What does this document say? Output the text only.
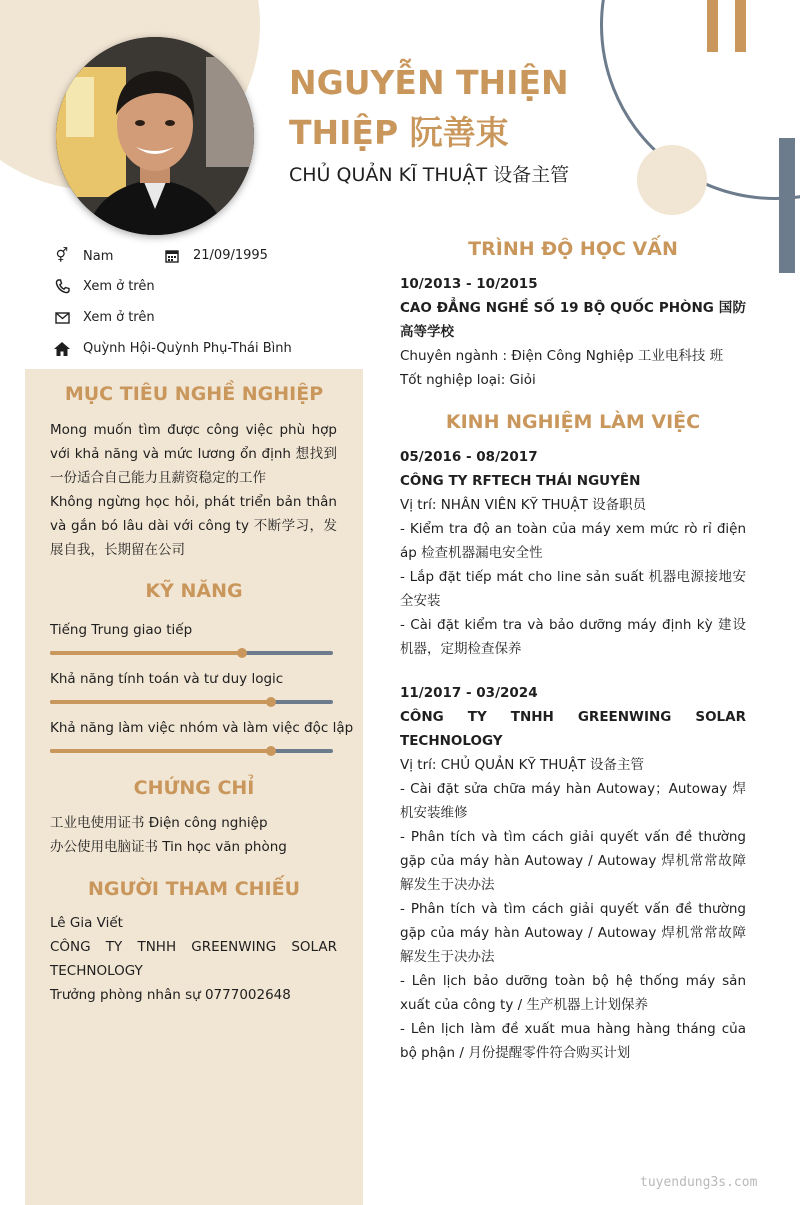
NGUYỄN THIỆN
THIỆP 阮善束
CHỦ QUẢN KĨ THUẬT 设备主管
⚥ Nam	21/09/1995
Xem ở trên
Xem ở trên
Quỳnh Hội-Quỳnh Phụ-Thái Bình
MỤC TIÊU NGHỀ NGHIỆP

Mong muốn tìm được công việc phù hợp với khả năng và mức lương ổn định 想找到一份适合自己能力且薪资稳定的工作

Không ngừng học hỏi, phát triển bản thân và gắn bó lâu dài với công ty 不断学习，发展自我，长期留在公司

KỸ NĂNG
Tiếng Trung giao tiếp
Khả năng tính toán và tư duy logic
Khả năng làm việc nhóm và làm việc độc lập
CHỨNG CHỈ

工业电使用证书 Điện công nghiệp

办公使用电脑证书 Tin học văn phòng

NGƯỜI THAM CHIẾU

Lê Gia Viết

CÔNG TY TNHH GREENWING SOLAR TECHNOLOGY

Trưởng phòng nhân sự 0777002648

TRÌNH ĐỘ HỌC VẤN

10/2013 - 10/2015

CAO ĐẲNG NGHỀ SỐ 19 BỘ QUỐC PHÒNG 国防高等学校

Chuyên ngành : Điện Công Nghiệp 工业电科技 班

Tốt nghiệp loại: Giỏi

KINH NGHIỆM LÀM VIỆC

05/2016 - 08/2017

CÔNG TY RFTECH THÁI NGUYÊN

Vị trí: NHÂN VIÊN KỸ THUẬT 设备职员

- Kiểm tra độ an toàn của máy xem mức rò rỉ điện áp 检查机器漏电安全性

- Lắp đặt tiếp mát cho line sản suất 机器电源接地安全安装

- Cài đặt kiểm tra và bảo dưỡng máy định kỳ 建设机器，定期检查保养

11/2017 - 03/2024

CÔNG TY TNHH GREENWING SOLAR TECHNOLOGY

Vị trí: CHỦ QUẢN KỸ THUẬT 设备主管

- Cài đặt sửa chữa máy hàn Autoway；Autoway 焊机安装维修

- Phân tích và tìm cách giải quyết vấn đề thường gặp của máy hàn Autoway / Autoway 焊机常常故障解发生于决办法

- Phân tích và tìm cách giải quyết vấn đề thường gặp của máy hàn Autoway / Autoway 焊机常常故障解发生于决办法

- Lên lịch bảo dưỡng toàn bộ hệ thống máy sản xuất của công ty / 生产机器上计划保养

- Lên lịch làm đề xuất mua hàng hàng tháng của bộ phận / 月份提醒零件符合购买计划

tuyendung3s.com
